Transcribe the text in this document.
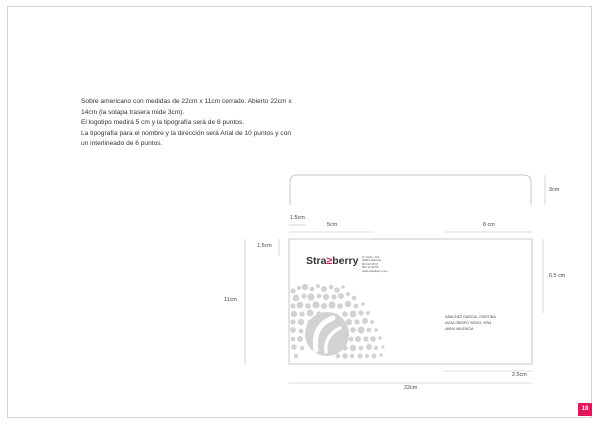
Sobre americano con medidas de 22cm x 11cm cerrado. Abierto 22cm x

14cm (la solapa trasera mide 3cm).

El logotipo medirá 5 cm y la tipografía será de 8 puntos.

La tipografía para el nombre y la dirección será Arial de 10 puntos y con

un interlineado de 6 puntos.

3cm
1.5cm
5cm	8 cm
1.5cm
11cm
6.5 cm
2.5cm
22cm
Stra≥berry C/ Colón, 123
46004 Valencia
96 123 45 67
652 12 34 56
www.strawberry.com
SÁNCHEZ GARCÍA, CRISTINA
AVDA OBISPO SIEDO, Nº54
46004 VALENCIA
18
